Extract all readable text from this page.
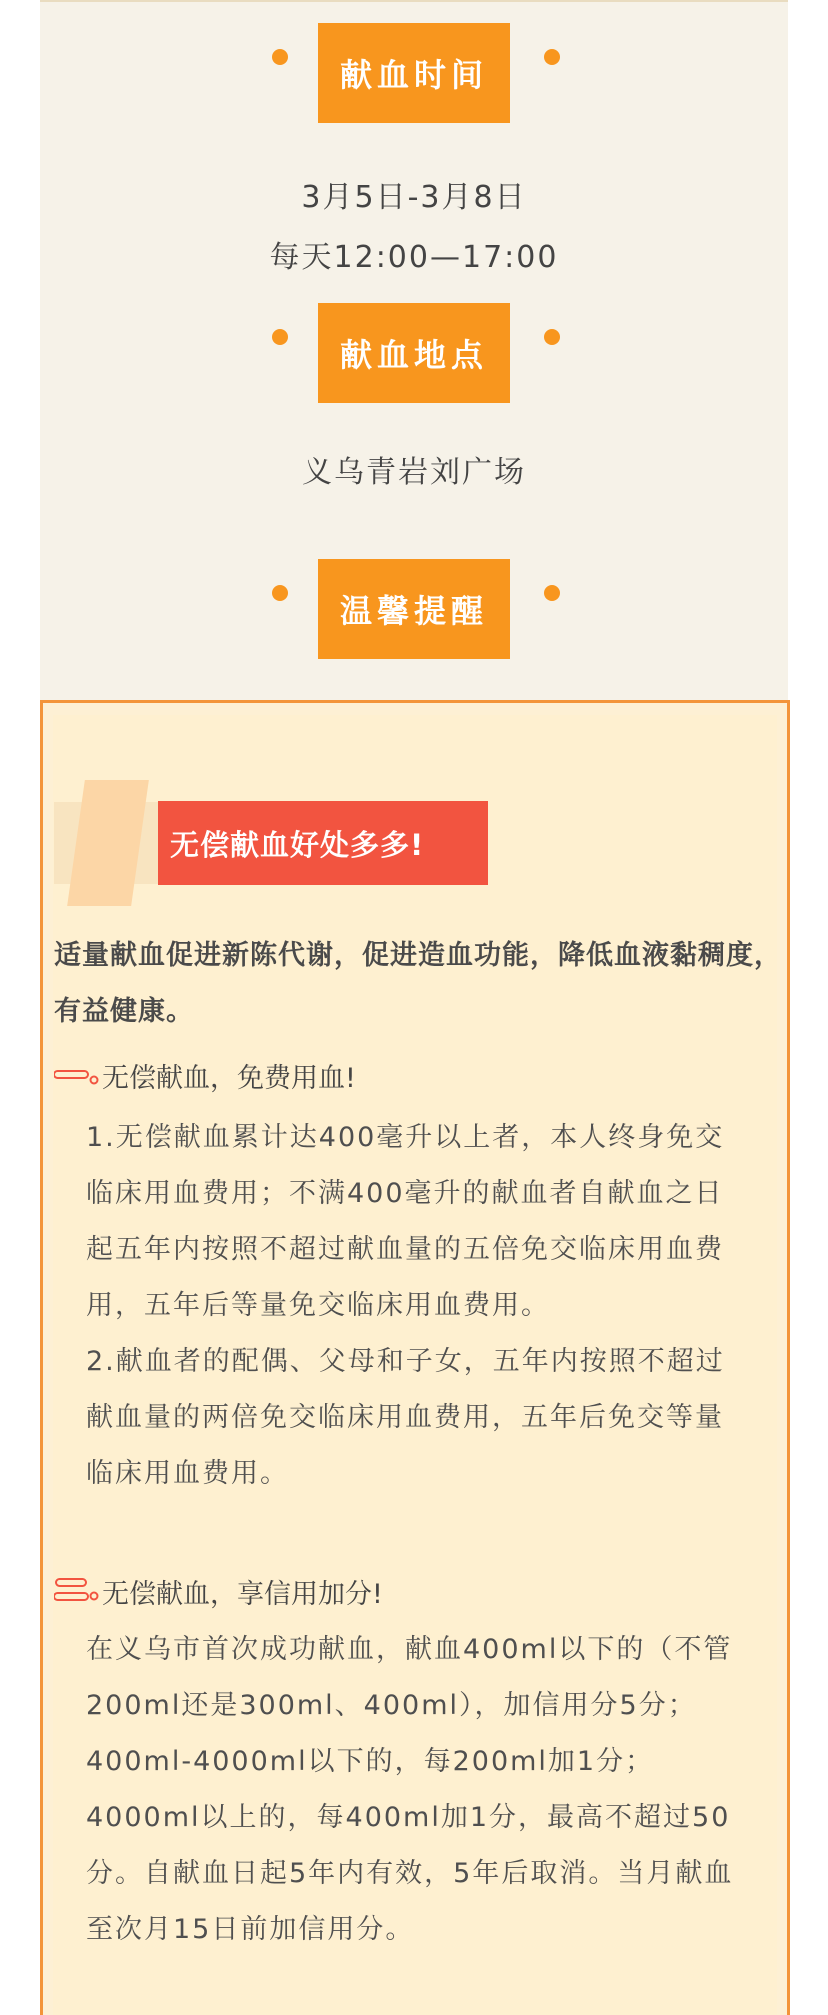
献血时间
3月5日-3月8日
每天12:00—17:00
献血地点
义乌青岩刘广场
温馨提醒
无偿献血好处多多!
适量献血促进新陈代谢，促进造血功能，降低血液黏稠度，有益健康。
无偿献血，免费用血!

1.无偿献血累计达400毫升以上者，本人终身免交临床用血费用；不满400毫升的献血者自献血之日起五年内按照不超过献血量的五倍免交临床用血费用，五年后等量免交临床用血费用。

2.献血者的配偶、父母和子女，五年内按照不超过献血量的两倍免交临床用血费用，五年后免交等量临床用血费用。

无偿献血，享信用加分!
在义乌市首次成功献血，献血400ml以下的（不管200ml还是300ml、400ml），加信用分5分；400ml-4000ml以下的，每200ml加1分；4000ml以上的，每400ml加1分，最高不超过50分。自献血日起5年内有效，5年后取消。当月献血至次月15日前加信用分。
